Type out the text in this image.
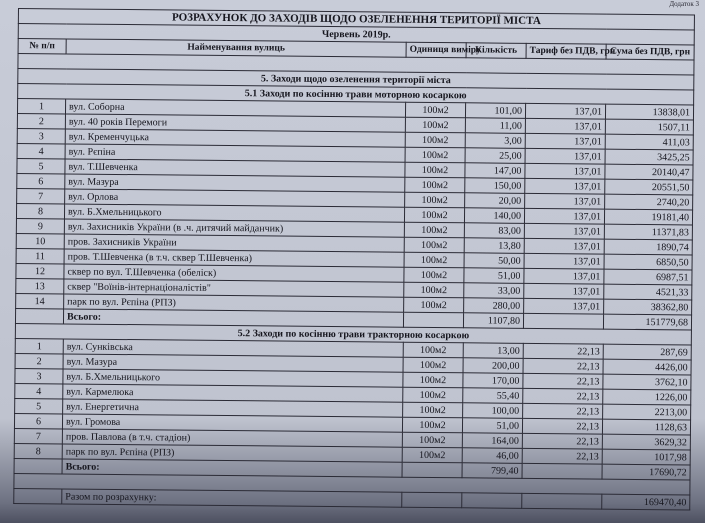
Додаток 3
РОЗРАХУНОК ДО ЗАХОДІВ ЩОДО ОЗЕЛЕНЕННЯ ТЕРИТОРІЇ МІСТА					
Червень 2019р.					
№ п/п	Найменування вулиць	Одиниця виміру	Кількість	Тариф без ПДВ, грн	Сума без ПДВ, грн

5. Заходи щодо озеленення території міста					
5.1 Заходи по косінню трави моторною косаркою					
1	вул. Соборна	100м2	101,00	137,01	13838,01
2	вул. 40 років Перемоги	100м2	11,00	137,01	1507,11
3	вул. Кременчуцька	100м2	3,00	137,01	411,03
4	вул. Рєпіна	100м2	25,00	137,01	3425,25
5	вул. Т.Шевченка	100м2	147,00	137,01	20140,47
6	вул. Мазура	100м2	150,00	137,01	20551,50
7	вул. Орлова	100м2	20,00	137,01	2740,20
8	вул. Б.Хмельницького	100м2	140,00	137,01	19181,40
9	вул. Захисників України (в .ч. дитячий майданчик)	100м2	83,00	137,01	11371,83
10	пров. Захисників України	100м2	13,80	137,01	1890,74
11	пров. Т.Шевченка (в т.ч. сквер Т.Шевченка)	100м2	50,00	137,01	6850,50
12	сквер по вул. Т.Шевченка (обеліск)	100м2	51,00	137,01	6987,51
13	сквер "Воїнів-інтернаціоналістів"	100м2	33,00	137,01	4521,33
14	парк по вул. Рєпіна (РПЗ)	100м2	280,00	137,01	38362,80
	Всього:		1107,80		151779,68
5.2 Заходи по косінню трави тракторною косаркою					
1	вул. Сунківська	100м2	13,00	22,13	287,69
2	вул. Мазура	100м2	200,00	22,13	4426,00
3	вул. Б.Хмельницького	100м2	170,00	22,13	3762,10
4	вул. Кармелюка	100м2	55,40	22,13	1226,00
5	вул. Енергетична	100м2	100,00	22,13	2213,00
6	вул. Громова	100м2	51,00	22,13	1128,63
7	пров. Павлова (в т.ч. стадіон)	100м2	164,00	22,13	3629,32
8	парк по вул. Рєпіна (РПЗ)	100м2	46,00	22,13	1017,98
	Всього:		799,40		17690,72

	Разом по розрахунку:				169470,40
